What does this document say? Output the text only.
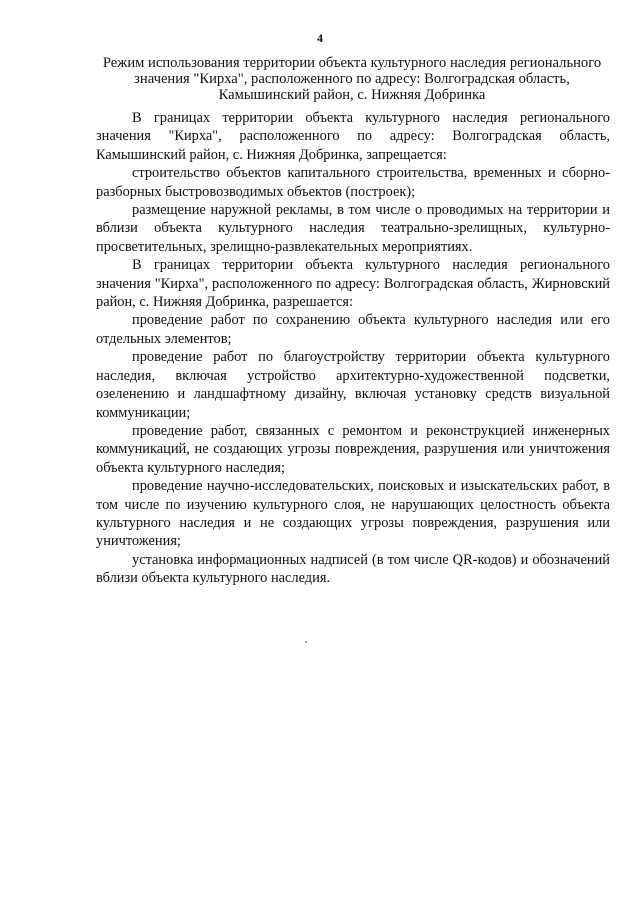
4
Режим использования территории объекта культурного наследия регионального значения "Кирха", расположенного по адресу: Волгоградская область, Камышинский район, с. Нижняя Добринка

В границах территории объекта культурного наследия регионального значения "Кирха", расположенного по адресу: Волгоградская область, Камышинский район, с. Нижняя Добринка, запрещается:

строительство объектов капитального строительства, временных и сборно-разборных быстровозводимых объектов (построек);

размещение наружной рекламы, в том числе о проводимых на территории и вблизи объекта культурного наследия театрально-зрелищных, культурно-просветительных, зрелищно-развлекательных мероприятиях.

В границах территории объекта культурного наследия регионального значения "Кирха", расположенного по адресу: Волгоградская область, Жирновский район, с. Нижняя Добринка, разрешается:

проведение работ по сохранению объекта культурного наследия или его отдельных элементов;

проведение работ по благоустройству территории объекта культурного наследия, включая устройство архитектурно-художественной подсветки, озеленению и ландшафтному дизайну, включая установку средств визуальной коммуникации;

проведение работ, связанных с ремонтом и реконструкцией инженерных коммуникаций, не создающих угрозы повреждения, разрушения или уничтожения объекта культурного наследия;

проведение научно-исследовательских, поисковых и изыскательских работ, в том числе по изучению культурного слоя, не нарушающих целостность объекта культурного наследия и не создающих угрозы повреждения, разрушения или уничтожения;

установка информационных надписей (в том числе QR-кодов) и обозначений вблизи объекта культурного наследия.
